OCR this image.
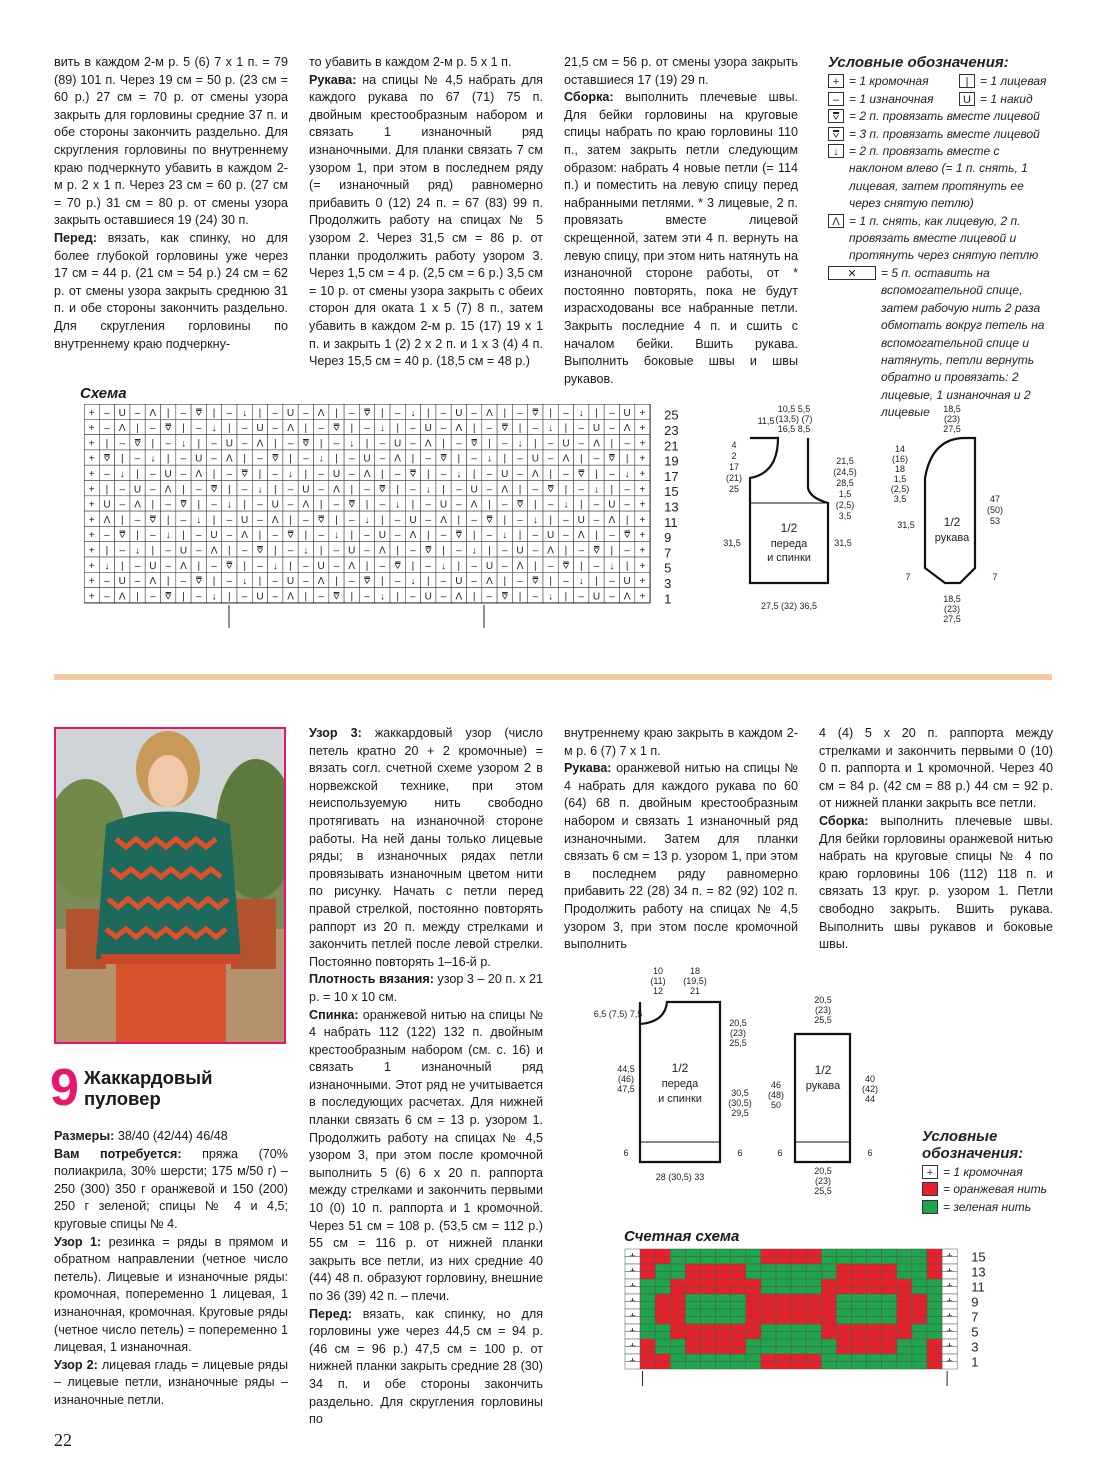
вить в каждом 2-м р. 5 (6) 7 х 1 п. = 79 (89) 101 п. Через 19 см = 50 р. (23 см = 60 р.) 27 см = 70 р. от смены узора закрыть для горловины средние 37 п. и обе стороны закончить раздельно. Для скругления горловины по внутреннему краю подчеркнуто убавить в каждом 2-м р. 2 х 1 п. Через 23 см = 60 р. (27 см = 70 р.) 31 см = 80 р. от смены узора закрыть оставшиеся 19 (24) 30 п.

Перед: вязать, как спинку, но для более глубокой горловины уже через 17 см = 44 р. (21 см = 54 р.) 24 см = 62 р. от смены узора закрыть среднюю 31 п. и обе стороны закончить раздельно. Для скругления горловины по внутреннему краю подчеркну-

то убавить в каждом 2-м р. 5 х 1 п.

Рукава: на спицы № 4,5 набрать для каждого рукава по 67 (71) 75 п. двойным крестообразным набором и связать 1 изнаночный ряд изнаночными. Для планки связать 7 см узором 1, при этом в последнем ряду (= изнаночный ряд) равномерно прибавить 0 (12) 24 п. = 67 (83) 99 п. Продолжить работу на спицах № 5 узором 2. Через 31,5 см = 86 р. от планки продолжить работу узором 3. Через 1,5 см = 4 р. (2,5 см = 6 р.) 3,5 см = 10 р. от смены узора закрыть с обеих сторон для оката 1 х 5 (7) 8 п., затем убавить в каждом 2-м р. 15 (17) 19 х 1 п. и закрыть 1 (2) 2 х 2 п. и 1 х 3 (4) 4 п. Через 15,5 см = 40 р. (18,5 см = 48 р.)

21,5 см = 56 р. от смены узора закрыть оставшиеся 17 (19) 29 п.

Сборка: выполнить плечевые швы. Для бейки горловины на круговые спицы набрать по краю горловины 110 п., затем закрыть петли следующим образом: набрать 4 новые петли (= 114 п.) и поместить на левую спицу перед набранными петлями. * 3 лицевые, 2 п. провязать вместе лицевой скрещенной, затем эти 4 п. вернуть на левую спицу, при этом нить натянуть на изнаночной стороне работы, от * постоянно повторять, пока не будут израсходованы все набранные петли. Закрыть последние 4 п. и сшить с началом бейки. Вшить рукава. Выполнить боковые швы и швы рукавов.

Условные обозначения:
+ = 1 кромочная	| = 1 лицевая
– = 1 изнаночная	U = 1 накид
⩢ = 2 п. провязать вместе лицевой
⩢ = 3 п. провязать вместе лицевой
↓ = 2 п. провязать вместе с наклоном влево (= 1 п. снять, 1 лицевая, затем протянуть ее через снятую петлю)
Λ = 1 п. снять, как лицевую, 2 п. провязать вместе лицевой и протянуть через снятую петлю
✕	= 5 п. оставить на вспомогательной спице, затем рабочую нить 2 раза обмотать вокруг петель на вспомогательной спице и натянуть, петли вернуть обратно и провязать: 2 лицевые, 1 изнаночная и 2 лицевые
Схема
+ – U – Λ | – ⩢ | – ↓ | – U – Λ | – ⩢ | – ↓ | – U – Λ | – ⩢ | – ↓ | – U +
+ – Λ | – ⩢ | – ↓ | – U – Λ | – ⩢ | – ↓ | – U – Λ | – ⩢ | – ↓ | – U – Λ +
+ | – ⩢ | – ↓ | – U – Λ | – ⩢ | – ↓ | – U – Λ | – ⩢ | – ↓ | – U – Λ | – +
+ ⩢ | – ↓ | – U – Λ | – ⩢ | – ↓ | – U – Λ | – ⩢ | – ↓ | – U – Λ | – ⩢ | +
+ – ↓ | – U – Λ | – ⩢ | – ↓ | – U – Λ | – ⩢ | – ↓ | – U – Λ | – ⩢ | – ↓ +
+ | – U – Λ | – ⩢ | – ↓ | – U – Λ | – ⩢ | – ↓ | – U – Λ | – ⩢ | – ↓ | – +
+ U – Λ | – ⩢ | – ↓ | – U – Λ | – ⩢ | – ↓ | – U – Λ | – ⩢ | – ↓ | – U – +
+ Λ | – ⩢ | – ↓ | – U – Λ | – ⩢ | – ↓ | – U – Λ | – ⩢ | – ↓ | – U – Λ | +
+ – ⩢ | – ↓ | – U – Λ | – ⩢ | – ↓ | – U – Λ | – ⩢ | – ↓ | – U – Λ | – ⩢ +
+ | – ↓ | – U – Λ | – ⩢ | – ↓ | – U – Λ | – ⩢ | – ↓ | – U – Λ | – ⩢ | – +
+ ↓ | – U – Λ | – ⩢ | – ↓ | – U – Λ | – ⩢ | – ↓ | – U – Λ | – ⩢ | – ↓ | +
+ – U – Λ | – ⩢ | – ↓ | – U – Λ | – ⩢ | – ↓ | – U – Λ | – ⩢ | – ↓ | – U +
+ – Λ | – ⩢ | – ↓ | – U – Λ | – ⩢ | – ↓ | – U – Λ | – ⩢ | – ↓ | – U – Λ +
25
23
21
19
17
15
13
11
9
7
5
3
1
10,5 5,5
(13,5) (7)
16,5 8,5
11,5
4
2
17
(21)
25
21,5
(24,5)
28,5
1,5
(2,5)
3,5
31,5	31,5
1/2
переда
и спинки
27,5 (32) 36,5
18,5
(23)
27,5
14
(16)
18
1,5
(2,5)
3,5
31,5
47
(50)
53
1/2
рукава
7	7
18,5
(23)
27,5
9 Жаккардовый
пуловер

Размеры: 38/40 (42/44) 46/48

Вам потребуется: пряжа (70% полиакрила, 30% шерсти; 175 м/50 г) – 250 (300) 350 г оранжевой и 150 (200) 250 г зеленой; спицы № 4 и 4,5; круговые спицы № 4.

Узор 1: резинка = ряды в прямом и обратном направлении (четное число петель). Лицевые и изнаночные ряды: кромочная, попеременно 1 лицевая, 1 изнаночная, кромочная. Круговые ряды (четное число петель) = попеременно 1 лицевая, 1 изнаночная.

Узор 2: лицевая гладь = лицевые ряды – лицевые петли, изнаночные ряды – изнаночные петли.

Узор 3: жаккардовый узор (число петель кратно 20 + 2 кромочные) = вязать согл. счетной схеме узором 2 в норвежской технике, при этом неиспользуемую нить свободно протягивать на изнаночной стороне работы. На ней даны только лицевые ряды; в изнаночных рядах петли провязывать изнаночным цветом нити по рисунку. Начать с петли перед правой стрелкой, постоянно повторять раппорт из 20 п. между стрелками и закончить петлей после левой стрелки. Постоянно повторять 1–16-й р.

Плотность вязания: узор 3 – 20 п. х 21 р. = 10 х 10 см.

Спинка: оранжевой нитью на спицы № 4 набрать 112 (122) 132 п. двойным крестообразным набором (см. с. 16) и связать 1 изнаночный ряд изнаночными. Этот ряд не учитывается в последующих расчетах. Для нижней планки связать 6 см = 13 р. узором 1. Продолжить работу на спицах № 4,5 узором 3, при этом после кромочной выполнить 5 (6) 6 х 20 п. раппорта между стрелками и закончить первыми 10 (0) 10 п. раппорта и 1 кромочной. Через 51 см = 108 р. (53,5 см = 112 р.) 55 см = 116 р. от нижней планки закрыть все петли, из них средние 40 (44) 48 п. образуют горловину, внешние по 36 (39) 42 п. – плечи.

Перед: вязать, как спинку, но для горловины уже через 44,5 см = 94 р. (46 см = 96 р.) 47,5 см = 100 р. от нижней планки закрыть средние 28 (30) 34 п. и обе стороны закончить раздельно. Для скругления горловины по

внутреннему краю закрыть в каждом 2-м р. 6 (7) 7 х 1 п.

Рукава: оранжевой нитью на спицы № 4 набрать для каждого рукава по 60 (64) 68 п. двойным крестообразным набором и связать 1 изнаночный ряд изнаночными. Затем для планки связать 6 см = 13 р. узором 1, при этом в последнем ряду равномерно прибавить 22 (28) 34 п. = 82 (92) 102 п. Продолжить работу на спицах № 4,5 узором 3, при этом после кромочной выполнить

4 (4) 5 х 20 п. раппорта между стрелками и закончить первыми 0 (10) 0 п. раппорта и 1 кромочной. Через 40 см = 84 р. (42 см = 88 р.) 44 см = 92 р. от нижней планки закрыть все петли.

Сборка: выполнить плечевые швы. Для бейки горловины оранжевой нитью набрать на круговые спицы № 4 по краю горловины 106 (112) 118 п. и связать 13 круг. р. узором 1. Петли свободно закрыть. Вшить рукава. Выполнить швы рукавов и боковые швы.

10
(11)
12
18
(19,5)
21
6,5 (7,5) 7,5
20,5
(23)
25,5
44,5
(46)
47,5	30,5
(30,5)
29,5
1/2
переда
и спинки
6	6
28 (30,5) 33
20,5
(23)
25,5
46
(48)
50
40
(42)
44
1/2
рукава
6	6
20,5
(23)
25,5
Условные
обозначения:
+ = 1 кромочная
= оранжевая нить
= зеленая нить
Счетная схема
15
13
11
9
7
5
3
1
22
